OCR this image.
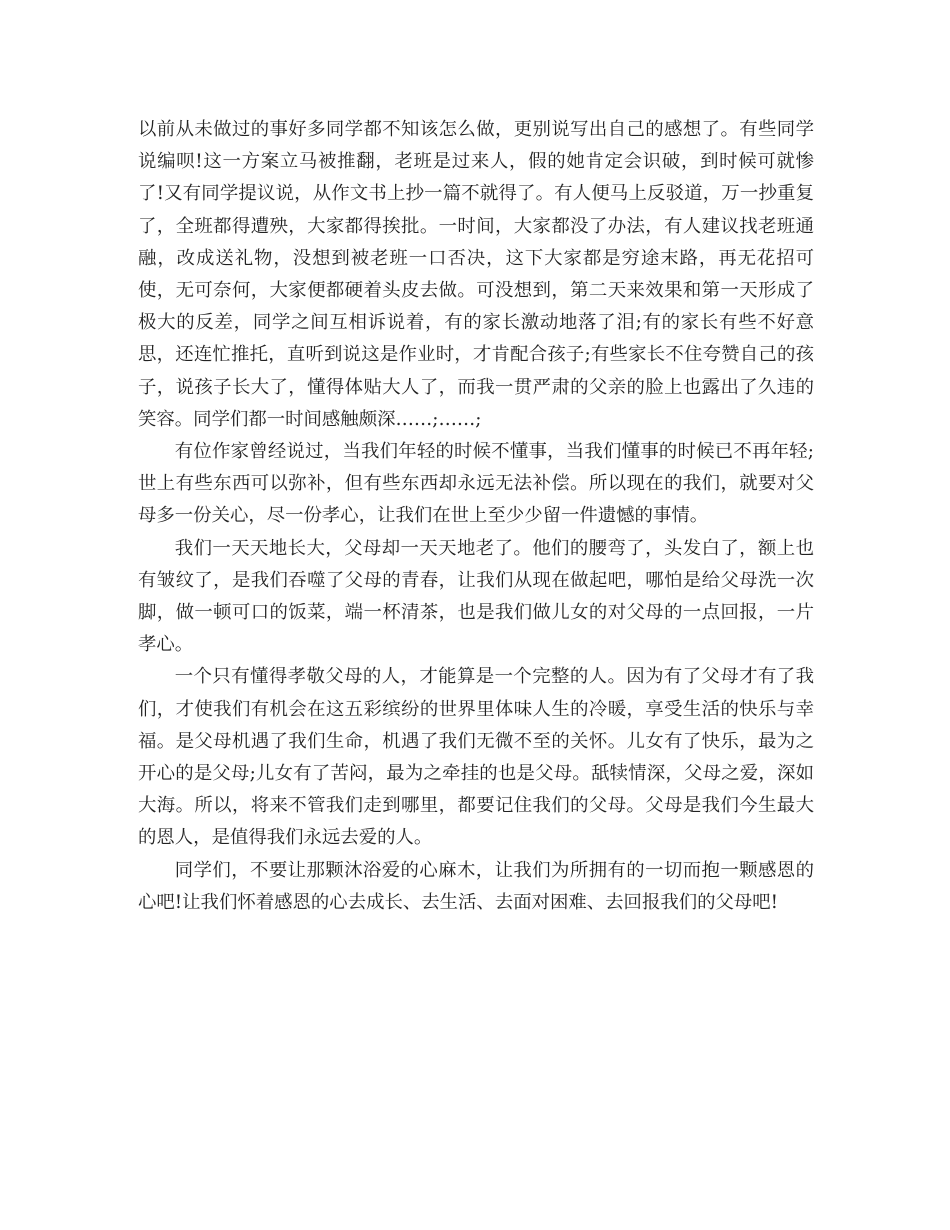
以前从未做过的事好多同学都不知该怎么做，更别说写出自己的感想了。有些同学说编呗!这一方案立马被推翻，老班是过来人，假的她肯定会识破，到时候可就惨了!又有同学提议说，从作文书上抄一篇不就得了。有人便马上反驳道，万一抄重复了，全班都得遭殃，大家都得挨批。一时间，大家都没了办法，有人建议找老班通融，改成送礼物，没想到被老班一口否决，这下大家都是穷途末路，再无花招可使，无可奈何，大家便都硬着头皮去做。可没想到，第二天来效果和第一天形成了极大的反差，同学之间互相诉说着，有的家长激动地落了泪;有的家长有些不好意思，还连忙推托，直听到说这是作业时，才肯配合孩子;有些家长不住夸赞自己的孩子，说孩子长大了，懂得体贴大人了，而我一贯严肃的父亲的脸上也露出了久违的笑容。同学们都一时间感触颇深……;……;

有位作家曾经说过，当我们年轻的时候不懂事，当我们懂事的时候已不再年轻;世上有些东西可以弥补，但有些东西却永远无法补偿。所以现在的我们，就要对父母多一份关心，尽一份孝心，让我们在世上至少少留一件遗憾的事情。

我们一天天地长大，父母却一天天地老了。他们的腰弯了，头发白了，额上也有皱纹了，是我们吞噬了父母的青春，让我们从现在做起吧，哪怕是给父母洗一次脚，做一顿可口的饭菜，端一杯清茶，也是我们做儿女的对父母的一点回报，一片孝心。

一个只有懂得孝敬父母的人，才能算是一个完整的人。因为有了父母才有了我们，才使我们有机会在这五彩缤纷的世界里体味人生的冷暖，享受生活的快乐与幸福。是父母机遇了我们生命，机遇了我们无微不至的关怀。儿女有了快乐，最为之开心的是父母;儿女有了苦闷，最为之牵挂的也是父母。舐犊情深，父母之爱，深如大海。所以，将来不管我们走到哪里，都要记住我们的父母。父母是我们今生最大的恩人，是值得我们永远去爱的人。

同学们，不要让那颗沐浴爱的心麻木，让我们为所拥有的一切而抱一颗感恩的心吧!让我们怀着感恩的心去成长、去生活、去面对困难、去回报我们的父母吧!
